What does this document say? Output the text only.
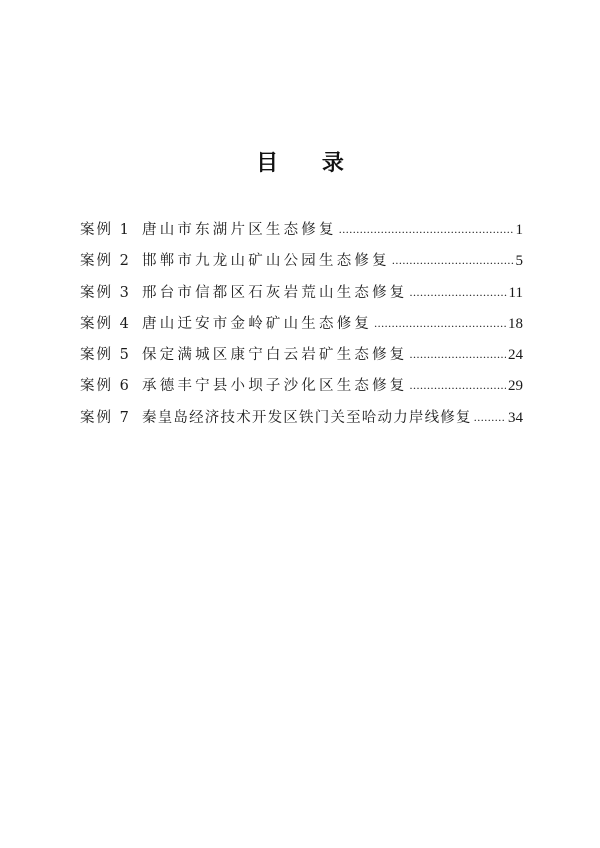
目 录
案例 1 唐山市东湖片区生态修复 .....	1
案例 2 邯郸市九龙山矿山公园生态修复 .....	5
案例 3 邢台市信都区石灰岩荒山生态修复 .....	11
案例 4 唐山迁安市金岭矿山生态修复 .....	18
案例 5 保定满城区康宁白云岩矿生态修复 .....	24
案例 6 承德丰宁县小坝子沙化区生态修复 .....	29
案例 7 秦皇岛经济技术开发区铁门关至哈动力岸线修复 ..... 34
